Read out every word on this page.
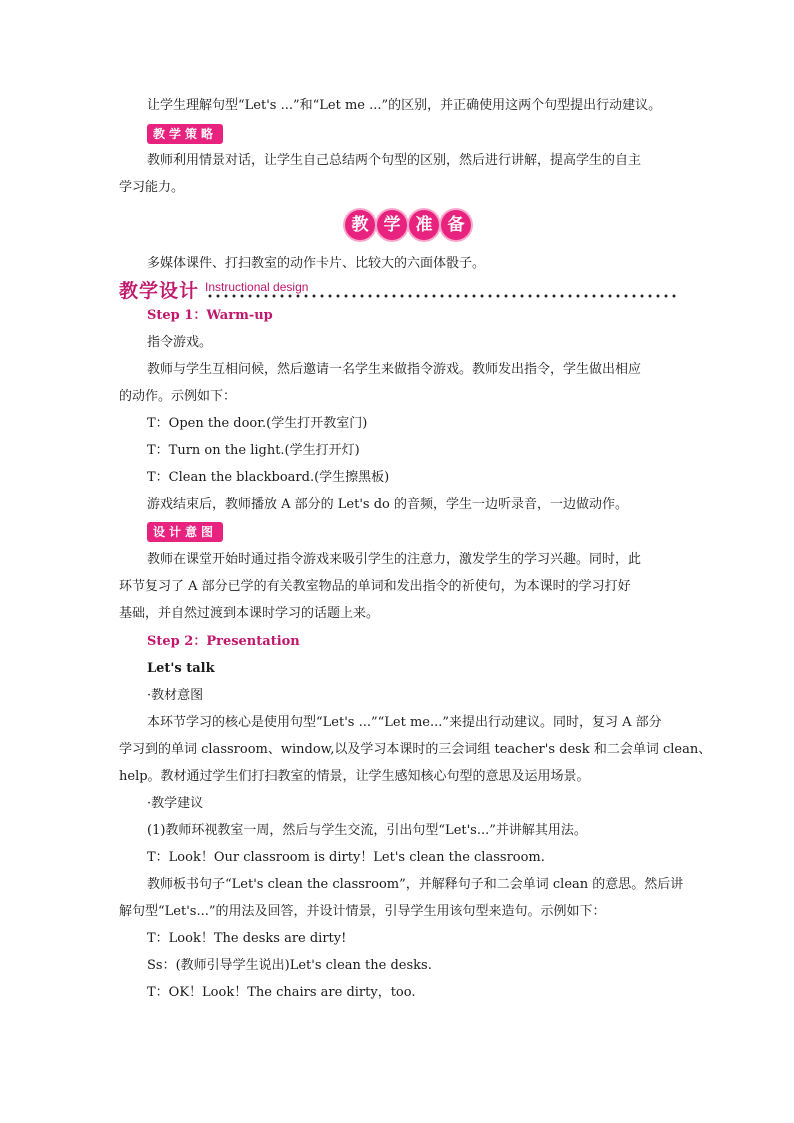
让学生理解句型“Let's ...”和“Let me ...”的区别，并正确使用这两个句型提出行动建议。
教学策略
教师利用情景对话，让学生自己总结两个句型的区别，然后进行讲解，提高学生的自主
学习能力。
教 学 准 备
多媒体课件、打扫教室的动作卡片、比较大的六面体骰子。
教学设计 Instructional design
Step 1：Warm-up
指令游戏。
教师与学生互相问候，然后邀请一名学生来做指令游戏。教师发出指令，学生做出相应
的动作。示例如下：
T：Open the door.(学生打开教室门)
T：Turn on the light.(学生打开灯)
T：Clean the blackboard.(学生擦黑板)
游戏结束后，教师播放 A 部分的 Let's do 的音频，学生一边听录音，一边做动作。
设计意图
教师在课堂开始时通过指令游戏来吸引学生的注意力，激发学生的学习兴趣。同时，此
环节复习了 A 部分已学的有关教室物品的单词和发出指令的祈使句，为本课时的学习打好
基础，并自然过渡到本课时学习的话题上来。
Step 2：Presentation
Let's talk
·教材意图
本环节学习的核心是使用句型“Let's ...”“Let me...”来提出行动建议。同时，复习 A 部分
学习到的单词 classroom、window,以及学习本课时的三会词组 teacher's desk 和二会单词 clean、
help。教材通过学生们打扫教室的情景，让学生感知核心句型的意思及运用场景。
·教学建议
(1)教师环视教室一周，然后与学生交流，引出句型“Let's...”并讲解其用法。
T：Look！Our classroom is dirty！Let's clean the classroom.
教师板书句子“Let's clean the classroom”，并解释句子和二会单词 clean 的意思。然后讲
解句型“Let's...”的用法及回答，并设计情景，引导学生用该句型来造句。示例如下：
T：Look！The desks are dirty!
Ss：(教师引导学生说出)Let's clean the desks.
T：OK！Look！The chairs are dirty，too.
